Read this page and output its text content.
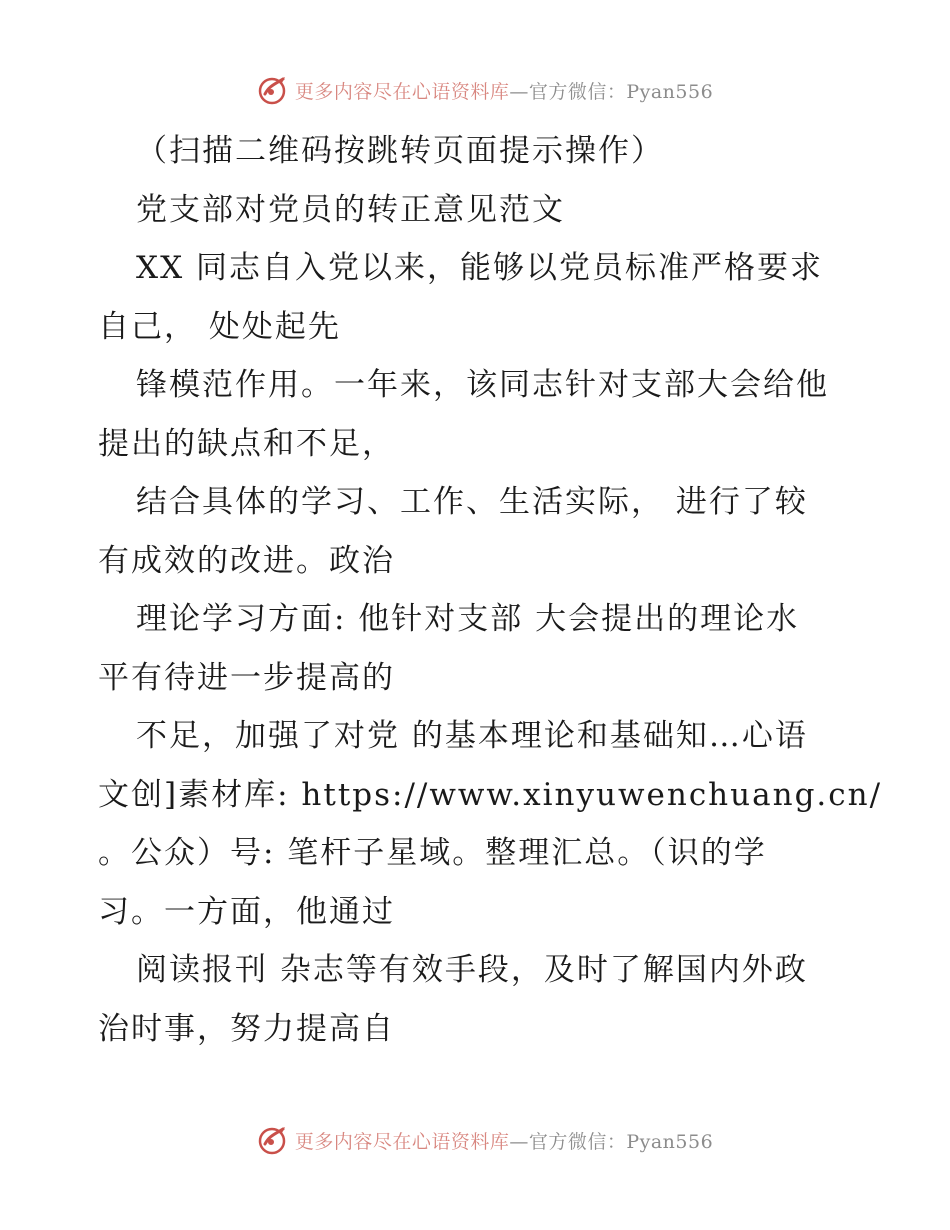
更多内容尽在心语资料库—官方微信：Pyan556
（扫描二维码按跳转页面提示操作）
党支部对党员的转正意见范文
XX 同志自入党以来，能够以党员标准严格要求
自己， 处处起先
锋模范作用。一年来，该同志针对支部大会给他
提出的缺点和不足，
结合具体的学习、工作、生活实际， 进行了较
有成效的改进。政治
理论学习方面: 他针对支部 大会提出的理论水
平有待进一步提高的
不足，加强了对党 的基本理论和基础知…心语
文创]素材库: https://www.xinyuwenchuang.cn/
。公众）号: 笔杆子星域。整理汇总。（识的学
习。一方面，他通过
阅读报刊 杂志等有效手段，及时了解国内外政
治时事，努力提高自
更多内容尽在心语资料库—官方微信：Pyan556
